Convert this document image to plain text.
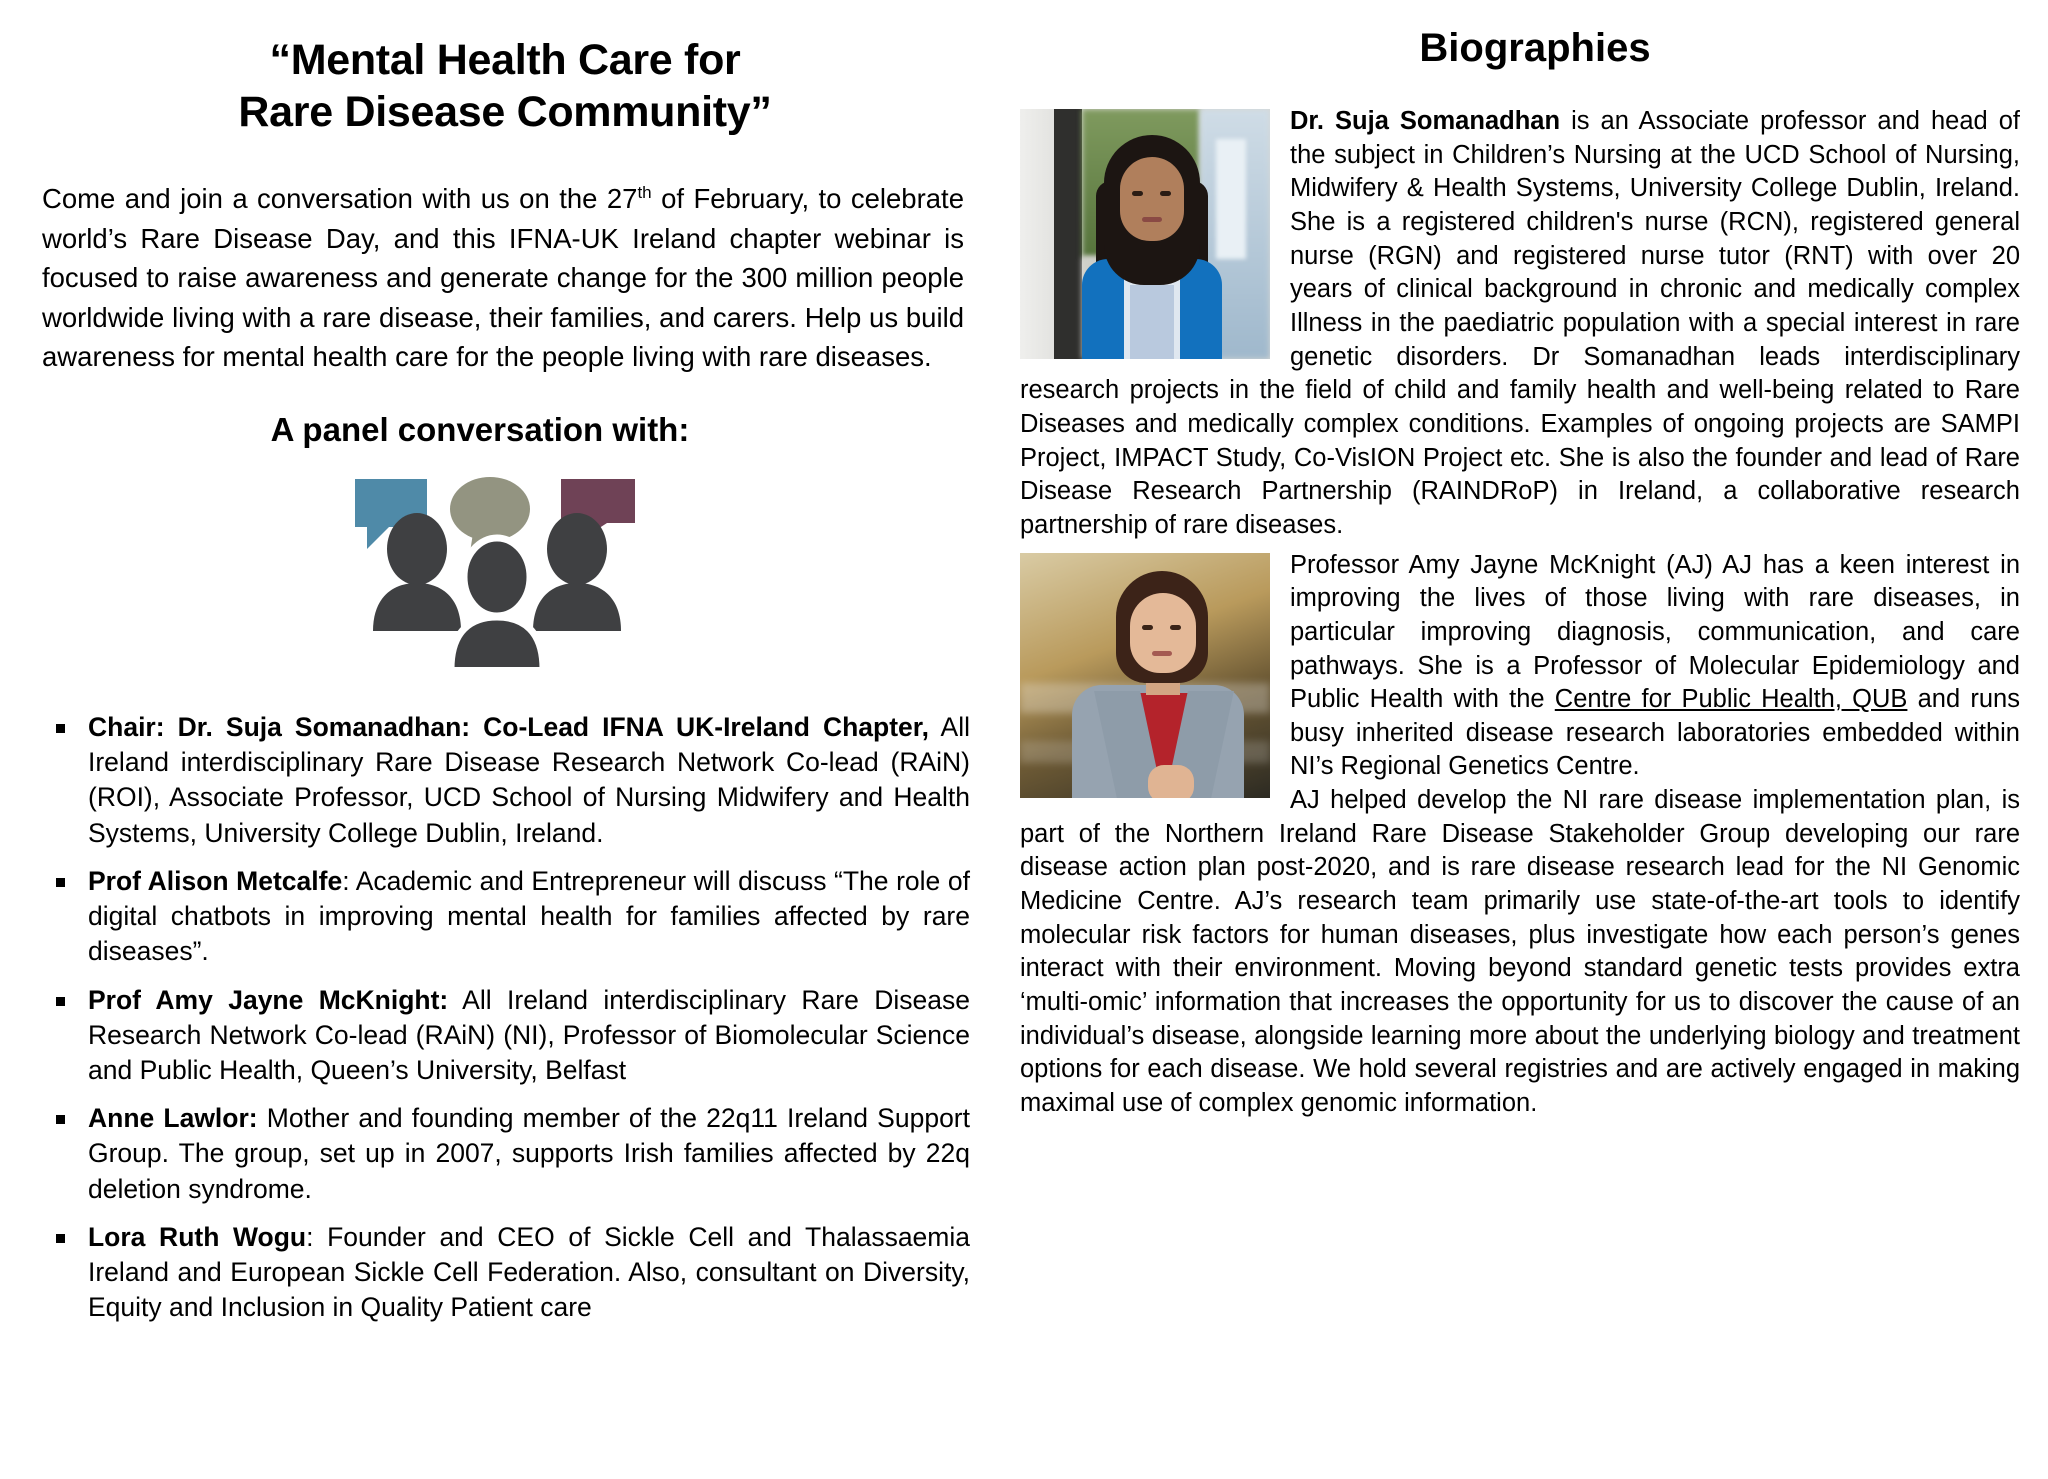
“Mental Health Care for
Rare Disease Community”

Come and join a conversation with us on the 27th of February, to celebrate world’s Rare Disease Day, and this IFNA-UK Ireland chapter webinar is focused to raise awareness and generate change for the 300 million people worldwide living with a rare disease, their families, and carers. Help us build awareness for mental health care for the people living with rare diseases.

A panel conversation with:
Chair: Dr. Suja Somanadhan: Co-Lead IFNA UK-Ireland Chapter, All Ireland interdisciplinary Rare Disease Research Network Co-lead (RAiN) (ROI), Associate Professor, UCD School of Nursing Midwifery and Health Systems, University College Dublin, Ireland.
Prof Alison Metcalfe: Academic and Entrepreneur will discuss “The role of digital chatbots in improving mental health for families affected by rare diseases”.
Prof Amy Jayne McKnight: All Ireland interdisciplinary Rare Disease Research Network Co-lead (RAiN) (NI), Professor of Biomolecular Science and Public Health, Queen’s University, Belfast
Anne Lawlor: Mother and founding member of the 22q11 Ireland Support Group. The group, set up in 2007, supports Irish families affected by 22q deletion syndrome.
Lora Ruth Wogu: Founder and CEO of Sickle Cell and Thalassaemia Ireland and European Sickle Cell Federation. Also, consultant on Diversity, Equity and Inclusion in Quality Patient care
Biographies

Dr. Suja Somanadhan is an Associate professor and head of the subject in Children’s Nursing at the UCD School of Nursing, Midwifery & Health Systems, University College Dublin, Ireland. She is a registered children's nurse (RCN), registered general nurse (RGN) and registered nurse tutor (RNT) with over 20 years of clinical background in chronic and medically complex Illness in the paediatric population with a special interest in rare genetic disorders. Dr Somanadhan leads interdisciplinary research projects in the field of child and family health and well-being related to Rare Diseases and medically complex conditions. Examples of ongoing projects are SAMPI Project, IMPACT Study, Co-VisION Project etc. She is also the founder and lead of Rare Disease Research Partnership (RAINDRoP) in Ireland, a collaborative research partnership of rare diseases.

Professor Amy Jayne McKnight (AJ) AJ has a keen interest in improving the lives of those living with rare diseases, in particular improving diagnosis, communication, and care pathways. She is a Professor of Molecular Epidemiology and Public Health with the Centre for Public Health, QUB and runs busy inherited disease research laboratories embedded within NI’s Regional Genetics Centre.

AJ helped develop the NI rare disease implementation plan, is part of the Northern Ireland Rare Disease Stakeholder Group developing our rare disease action plan post-2020, and is rare disease research lead for the NI Genomic Medicine Centre. AJ’s research team primarily use state-of-the-art tools to identify molecular risk factors for human diseases, plus investigate how each person’s genes interact with their environment. Moving beyond standard genetic tests provides extra ‘multi-omic’ information that increases the opportunity for us to discover the cause of an individual’s disease, alongside learning more about the underlying biology and treatment options for each disease. We hold several registries and are actively engaged in making maximal use of complex genomic information.
